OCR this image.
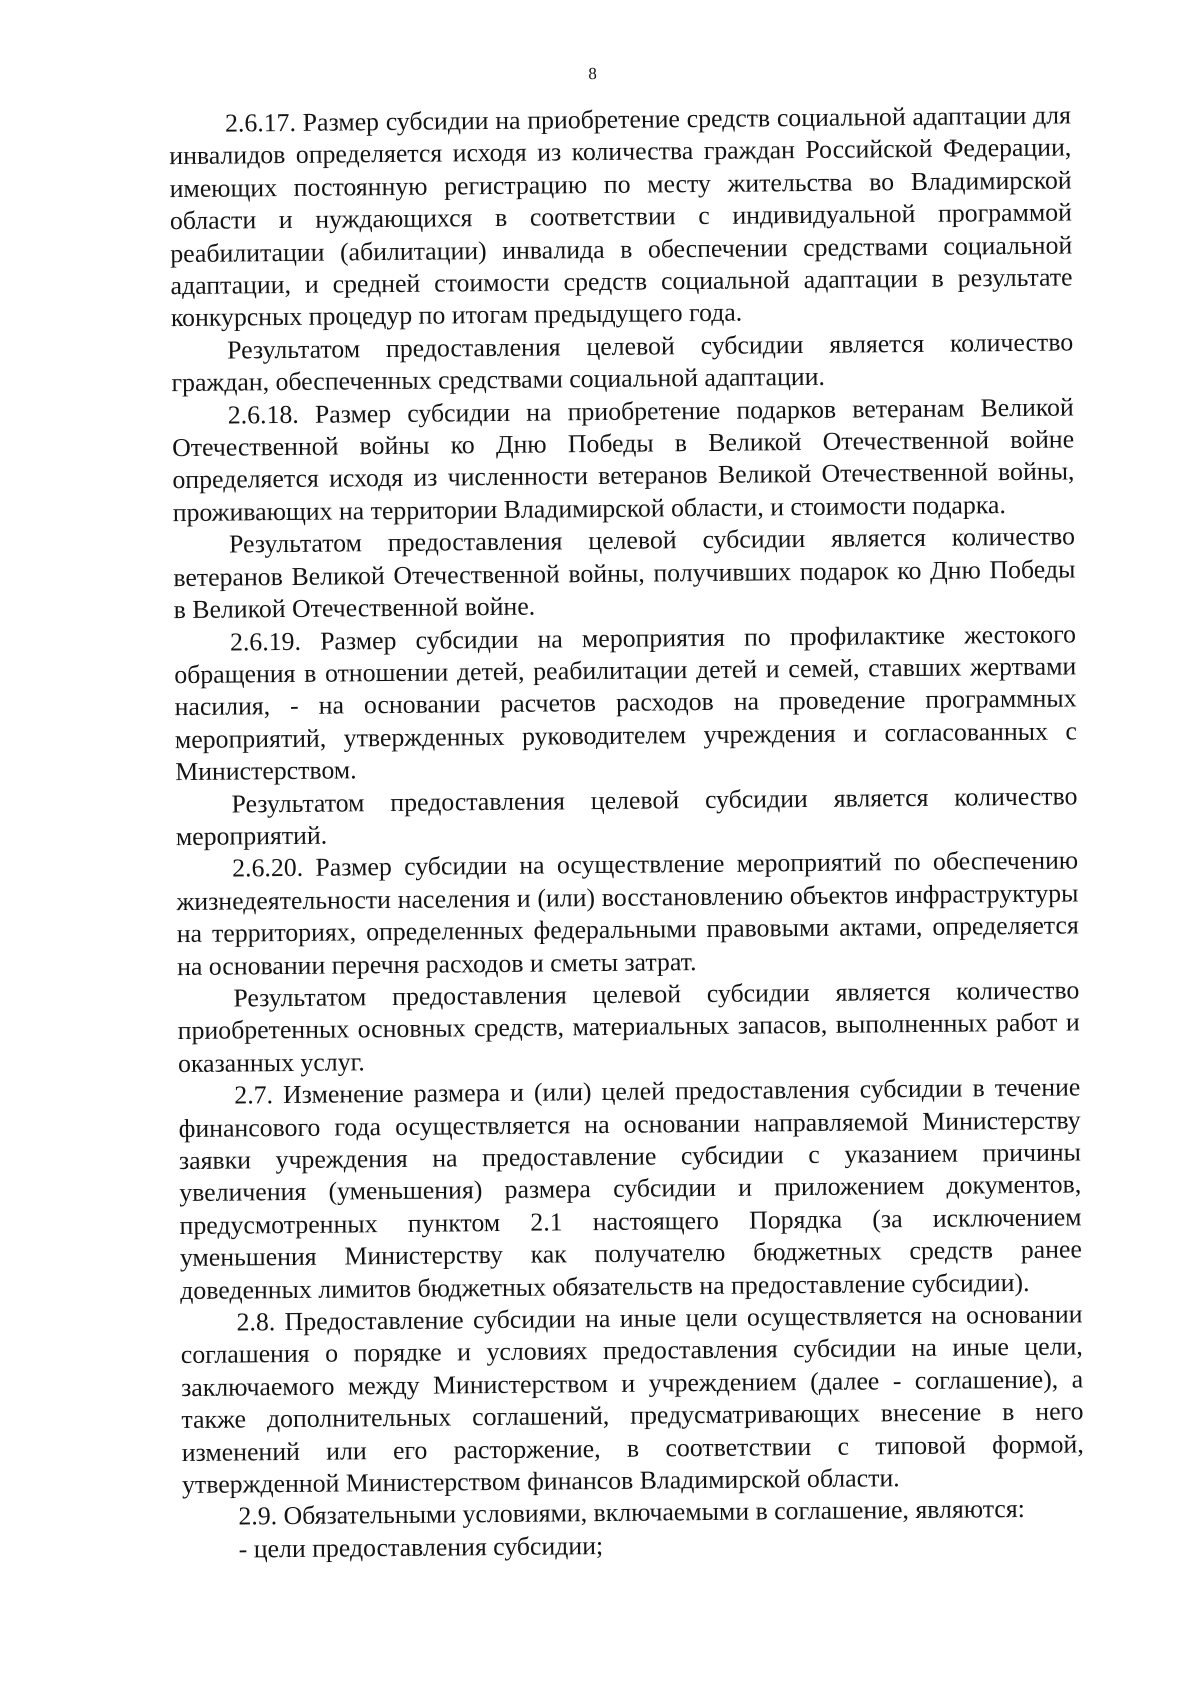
8

2.6.17. Размер субсидии на приобретение средств социальной адаптации для инвалидов определяется исходя из количества граждан Российской Федерации, имеющих постоянную регистрацию по месту жительства во Владимирской области и нуждающихся в соответствии с индивидуальной программой реабилитации (абилитации) инвалида в обеспечении средствами социальной адаптации, и средней стоимости средств социальной адаптации в результате конкурсных процедур по итогам предыдущего года.

Результатом предоставления целевой субсидии является количество граждан, обеспеченных средствами социальной адаптации.

2.6.18. Размер субсидии на приобретение подарков ветеранам Великой Отечественной войны ко Дню Победы в Великой Отечественной войне определяется исходя из численности ветеранов Великой Отечественной войны, проживающих на территории Владимирской области, и стоимости подарка.

Результатом предоставления целевой субсидии является количество ветеранов Великой Отечественной войны, получивших подарок ко Дню Победы в Великой Отечественной войне.

2.6.19. Размер субсидии на мероприятия по профилактике жестокого обращения в отношении детей, реабилитации детей и семей, ставших жертвами насилия, - на основании расчетов расходов на проведение программных мероприятий, утвержденных руководителем учреждения и согласованных с Министерством.

Результатом предоставления целевой субсидии является количество мероприятий.

2.6.20. Размер субсидии на осуществление мероприятий по обеспечению жизнедеятельности населения и (или) восстановлению объектов инфраструктуры на территориях, определенных федеральными правовыми актами, определяется на основании перечня расходов и сметы затрат.

Результатом предоставления целевой субсидии является количество приобретенных основных средств, материальных запасов, выполненных работ и оказанных услуг.

2.7. Изменение размера и (или) целей предоставления субсидии в течение финансового года осуществляется на основании направляемой Министерству заявки учреждения на предоставление субсидии с указанием причины увеличения (уменьшения) размера субсидии и приложением документов, предусмотренных пунктом 2.1 настоящего Порядка (за исключением уменьшения Министерству как получателю бюджетных средств ранее доведенных лимитов бюджетных обязательств на предоставление субсидии).

2.8. Предоставление субсидии на иные цели осуществляется на основании соглашения о порядке и условиях предоставления субсидии на иные цели, заключаемого между Министерством и учреждением (далее - соглашение), а также дополнительных соглашений, предусматривающих внесение в него изменений или его расторжение, в соответствии с типовой формой, утвержденной Министерством финансов Владимирской области.

2.9. Обязательными условиями, включаемыми в соглашение, являются:

- цели предоставления субсидии;
